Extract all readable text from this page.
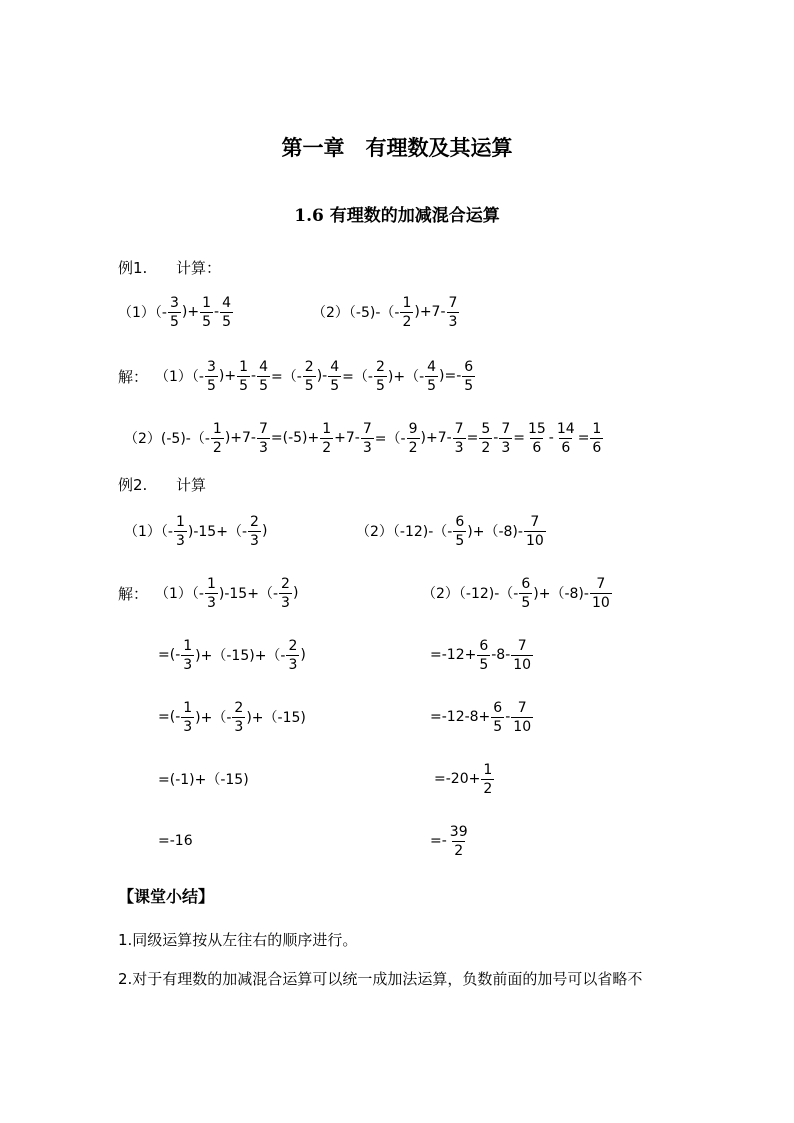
第一章　有理数及其运算
1.6 有理数的加减混合运算
例1. 计算：
$(1)(- \frac{3}{5}$ )+ $\frac{1}{5} - \frac{4}{5}$	$(2)(-5)-(- \frac{1}{2} )+7- \frac{7}{3}$
解： $(1)(- \frac{3}{5}$ )+ $\frac{1}{5} - \frac{4}{5}$ =（- $\frac{2}{5}$ )- $\frac{4}{5}$ =（- $\frac{2}{5}$ )+（- $\frac{4}{5}$ )=- $\frac{6}{5}$
$(2)(-5)-(- \frac{1}{2} )+7- \frac{7}{3} =(-5)+ \frac{1}{2} +7- \frac{7}{3}$ =（- $\frac{9}{2} )+7- \frac{7}{3} = \frac{5}{2} - \frac{7}{3} = \frac{15}{6} - \frac{14}{6} = \frac{1}{6}$
例2. 计算
$(1)(- \frac{1}{3} )-15+(- \frac{2}{3}$ )	$(2)(-12)-(- \frac{6}{5} )+(-8)- \frac{7}{10}$
解： $(1)(- \frac{1}{3} )-15+(- \frac{2}{3}$ )
=(- $\frac{1}{3} )+(-15)+(- \frac{2}{3}$ )
=(- $\frac{1}{3}$ )+（- $\frac{2}{3} )+(-15)$
=(-1)+（-15)
=-16
$(2)(-12)-(- \frac{6}{5} )+(-8)- \frac{7}{10}$
$=-12+ \frac{6}{5} -8- \frac{7}{10}$
$=-12-8+ \frac{6}{5} - \frac{7}{10}$
$=-20+ \frac{1}{2}$
=- $\frac{39}{2}$
【课堂小结】
1.同级运算按从左往右的顺序进行。
2.对于有理数的加减混合运算可以统一成加法运算，负数前面的加号可以省略不
